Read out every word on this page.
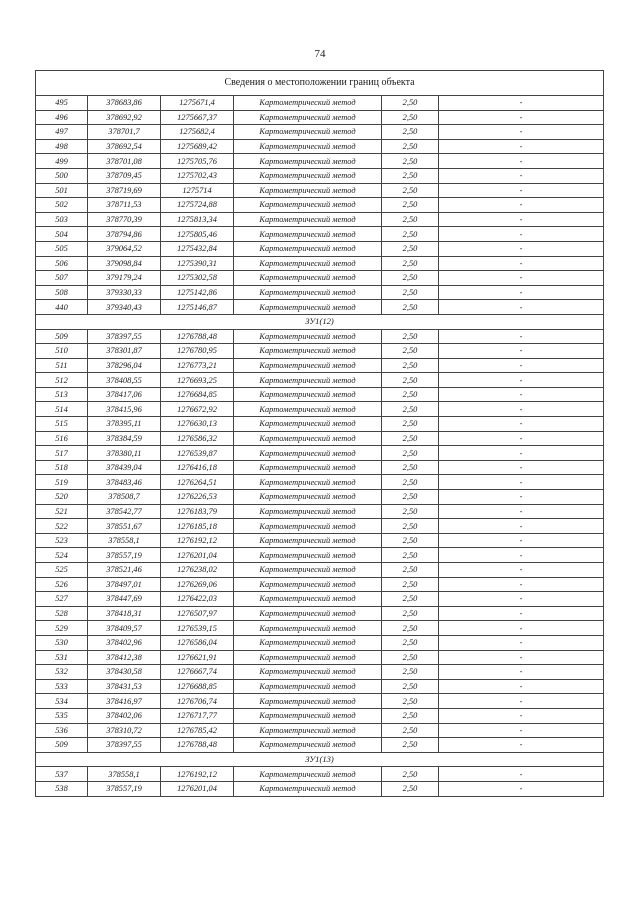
74
Сведения о местоположении границ объекта					
495	378683,86	1275671,4	Картометрический метод	2,50	-
496	378692,92	1275667,37	Картометрический метод	2,50	-
497	378701,7	1275682,4	Картометрический метод	2,50	-
498	378692,54	1275689,42	Картометрический метод	2,50	-
499	378701,08	1275705,76	Картометрический метод	2,50	-
500	378709,45	1275702,43	Картометрический метод	2,50	-
501	378719,69	1275714	Картометрический метод	2,50	-
502	378711,53	1275724,88	Картометрический метод	2,50	-
503	378770,39	1275813,34	Картометрический метод	2,50	-
504	378794,86	1275805,46	Картометрический метод	2,50	-
505	379064,52	1275432,84	Картометрический метод	2,50	-
506	379098,84	1275390,31	Картометрический метод	2,50	-
507	379179,24	1275302,58	Картометрический метод	2,50	-
508	379330,33	1275142,86	Картометрический метод	2,50	-
440	379340,43	1275146,87	Картометрический метод	2,50	-
ЗУ1(12)					
509	378397,55	1276788,48	Картометрический метод	2,50	-
510	378301,87	1276780,95	Картометрический метод	2,50	-
511	378296,04	1276773,21	Картометрический метод	2,50	-
512	378408,55	1276693,25	Картометрический метод	2,50	-
513	378417,06	1276684,85	Картометрический метод	2,50	-
514	378415,96	1276672,92	Картометрический метод	2,50	-
515	378395,11	1276630,13	Картометрический метод	2,50	-
516	378384,59	1276586,32	Картометрический метод	2,50	-
517	378380,11	1276539,87	Картометрический метод	2,50	-
518	378439,04	1276416,18	Картометрический метод	2,50	-
519	378483,46	1276264,51	Картометрический метод	2,50	-
520	378508,7	1276226,53	Картометрический метод	2,50	-
521	378542,77	1276183,79	Картометрический метод	2,50	-
522	378551,67	1276185,18	Картометрический метод	2,50	-
523	378558,1	1276192,12	Картометрический метод	2,50	-
524	378557,19	1276201,04	Картометрический метод	2,50	-
525	378521,46	1276238,02	Картометрический метод	2,50	-
526	378497,01	1276269,06	Картометрический метод	2,50	-
527	378447,69	1276422,03	Картометрический метод	2,50	-
528	378418,31	1276507,97	Картометрический метод	2,50	-
529	378409,57	1276539,15	Картометрический метод	2,50	-
530	378402,96	1276586,04	Картометрический метод	2,50	-
531	378412,38	1276621,91	Картометрический метод	2,50	-
532	378430,58	1276667,74	Картометрический метод	2,50	-
533	378431,53	1276688,85	Картометрический метод	2,50	-
534	378416,97	1276706,74	Картометрический метод	2,50	-
535	378402,06	1276717,77	Картометрический метод	2,50	-
536	378310,72	1276785,42	Картометрический метод	2,50	-
509	378397,55	1276788,48	Картометрический метод	2,50	-
ЗУ1(13)					
537	378558,1	1276192,12	Картометрический метод	2,50	-
538	378557,19	1276201,04	Картометрический метод	2,50	-
